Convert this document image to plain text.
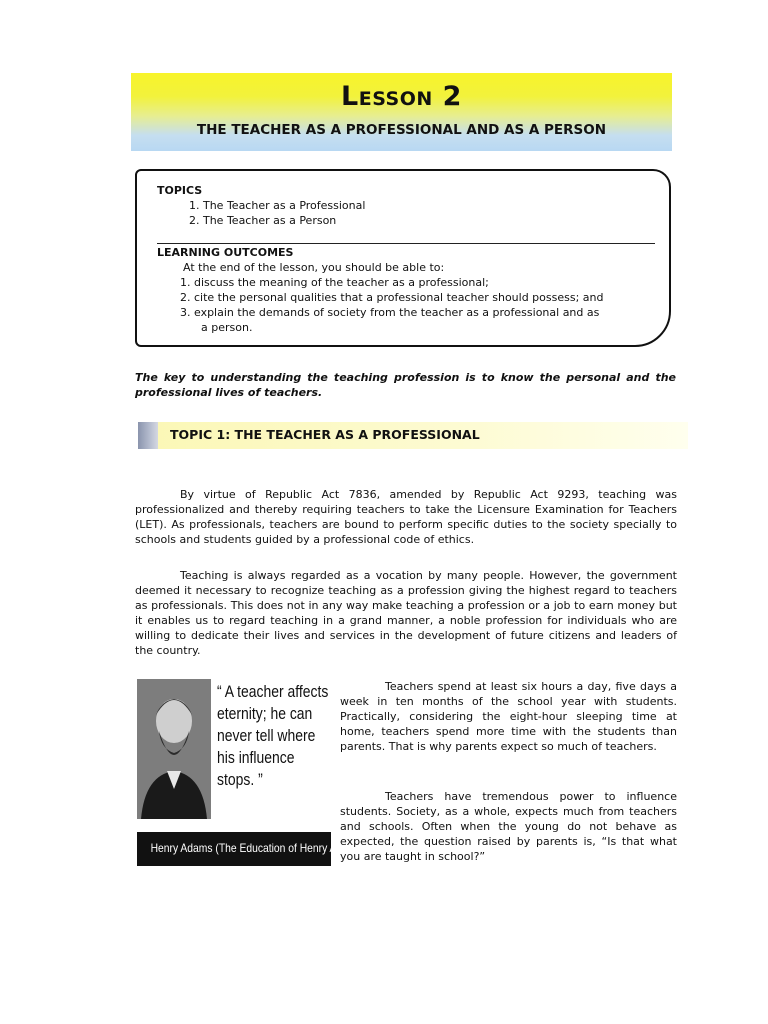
Lesson 2
THE TEACHER AS A PROFESSIONAL AND AS A PERSON
TOPICS
1. The Teacher as a Professional
2. The Teacher as a Person
LEARNING OUTCOMES
At the end of the lesson, you should be able to:
1. discuss the meaning of the teacher as a professional;
2. cite the personal qualities that a professional teacher should possess; and
3. explain the demands of society from the teacher as a professional and as
a person.
The key to understanding the teaching profession is to know the personal and the professional lives of teachers.
TOPIC 1: THE TEACHER AS A PROFESSIONAL
By virtue of Republic Act 7836, amended by Republic Act 9293, teaching was professionalized and thereby requiring teachers to take the Licensure Examination for Teachers (LET). As professionals, teachers are bound to perform specific duties to the society specially to schools and students guided by a professional code of ethics.
Teaching is always regarded as a vocation by many people. However, the government deemed it necessary to recognize teaching as a profession giving the highest regard to teachers as professionals. This does not in any way make teaching a profession or a job to earn money but it enables us to regard teaching in a grand manner, a noble profession for individuals who are willing to dedicate their lives and services in the development of future citizens and leaders of the country.
“ A teacher affects
eternity; he can
never tell where
his influence
stops. ”
Henry Adams (The Education of Henry Adams)
Teachers spend at least six hours a day, five days a week in ten months of the school year with students. Practically, considering the eight-hour sleeping time at home, teachers spend more time with the students than parents. That is why parents expect so much of teachers.
Teachers have tremendous power to influence students. Society, as a whole, expects much from teachers and schools. Often when the young do not behave as expected, the question raised by parents is, “Is that what you are taught in school?”
